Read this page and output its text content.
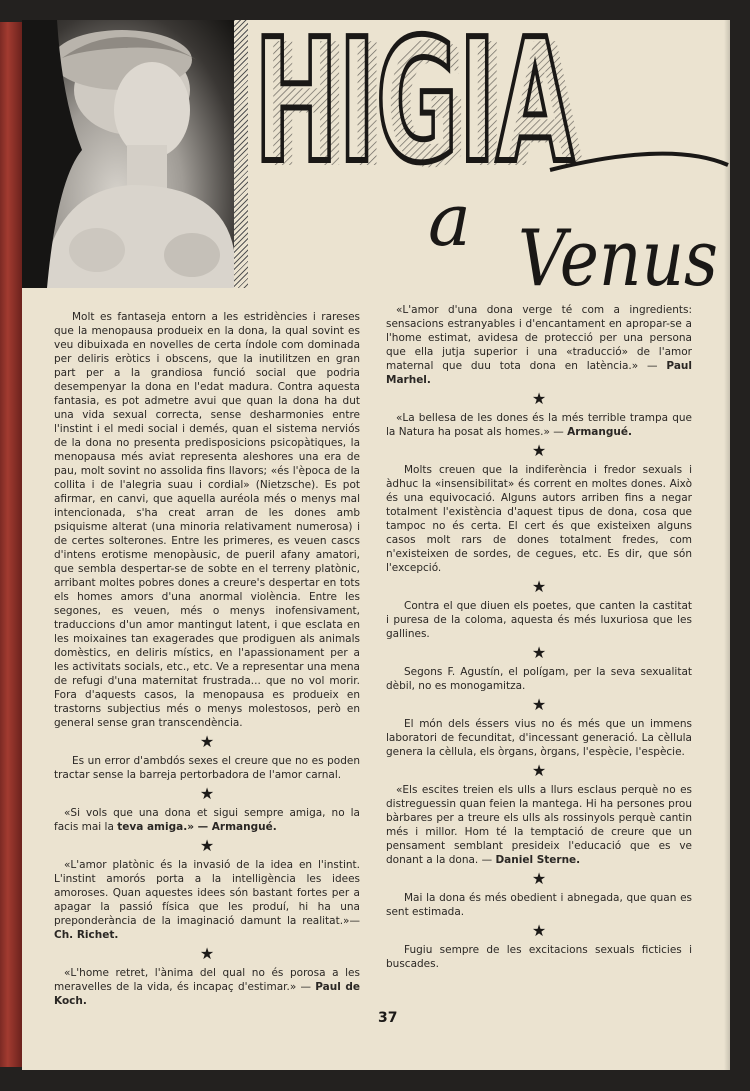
HIGIA
HIGIA
a Venus

Molt es fantaseja entorn a les estridències i rareses que la menopausa produeix en la dona, la qual sovint es veu dibuixada en novelles de certa índole com dominada per deliris eròtics i obscens, que la inutilitzen en gran part per a la grandiosa funció social que podria desempenyar la dona en l'edat madura. Contra aquesta fantasia, es pot admetre avui que quan la dona ha dut una vida sexual correcta, sense desharmonies entre l'instint i el medi social i demés, quan el sistema nerviós de la dona no presenta predisposicions psicopàtiques, la menopausa més aviat representa aleshores una era de pau, molt sovint no assolida fins llavors; «és l'època de la collita i de l'alegria suau i cordial» (Nietzsche). Es pot afirmar, en canvi, que aquella auréola més o menys mal intencionada, s'ha creat arran de les dones amb psiquisme alterat (una minoria relativament numerosa) i de certes solterones. Entre les primeres, es veuen cascs d'intens erotisme menopàusic, de pueril afany amatori, que sembla despertar-se de sobte en el terreny platònic, arribant moltes pobres dones a creure's despertar en tots els homes amors d'una anormal violència. Entre les segones, es veuen, més o menys inofensivament, traduccions d'un amor mantingut latent, i que esclata en les moixaines tan exagerades que prodiguen als animals domèstics, en deliris místics, en l'apassionament per a les activitats socials, etc., etc. Ve a representar una mena de refugi d'una maternitat frustrada... que no vol morir. Fora d'aquests casos, la menopausa es produeix en trastorns subjectius més o menys molestosos, però en general sense gran transcendència.

★

Es un error d'ambdós sexes el creure que no es poden tractar sense la barreja pertorbadora de l'amor carnal.

★

«Si vols que una dona et sigui sempre amiga, no la facis mai la teva amiga.» — Armangué.

★

«L'amor platònic és la invasió de la idea en l'instint. L'instint amorós porta a la intelligència les idees amoroses. Quan aquestes idees són bastant fortes per a apagar la passió física que les produí, hi ha una preponderància de la imaginació damunt la realitat.»— Ch. Richet.

★

«L'home retret, l'ànima del qual no és porosa a les meravelles de la vida, és incapaç d'estimar.» — Paul de Koch.

«L'amor d'una dona verge té com a ingredients: sensacions estranyables i d'encantament en apropar-se a l'home estimat, avidesa de protecció per una persona que ella jutja superior i una «traducció» de l'amor maternal que duu tota dona en latència.» — Paul Marhel.

★

«La bellesa de les dones és la més terrible trampa que la Natura ha posat als homes.» — Armangué.

★

Molts creuen que la indiferència i fredor sexuals i àdhuc la «insensibilitat» és corrent en moltes dones. Això és una equivocació. Alguns autors arriben fins a negar totalment l'existència d'aquest tipus de dona, cosa que tampoc no és certa. El cert és que existeixen alguns casos molt rars de dones totalment fredes, com n'existeixen de sordes, de cegues, etc. Es dir, que són l'excepció.

★

Contra el que diuen els poetes, que canten la castitat i puresa de la coloma, aquesta és més luxuriosa que les gallines.

★

Segons F. Agustín, el polígam, per la seva sexualitat dèbil, no es monogamitza.

★

El món dels éssers vius no és més que un immens laboratori de fecunditat, d'incessant generació. La cèllula genera la cèllula, els òrgans, òrgans, l'espècie, l'espècie.

★

«Els escites treien els ulls a llurs esclaus perquè no es distreguessin quan feien la mantega. Hi ha persones prou bàrbares per a treure els ulls als rossinyols perquè cantin més i millor. Hom té la temptació de creure que un pensament semblant presideix l'educació que es ve donant a la dona. — Daniel Sterne.

★

Mai la dona és més obedient i abnegada, que quan es sent estimada.

★

Fugiu sempre de les excitacions sexuals ficticies i buscades.

37
